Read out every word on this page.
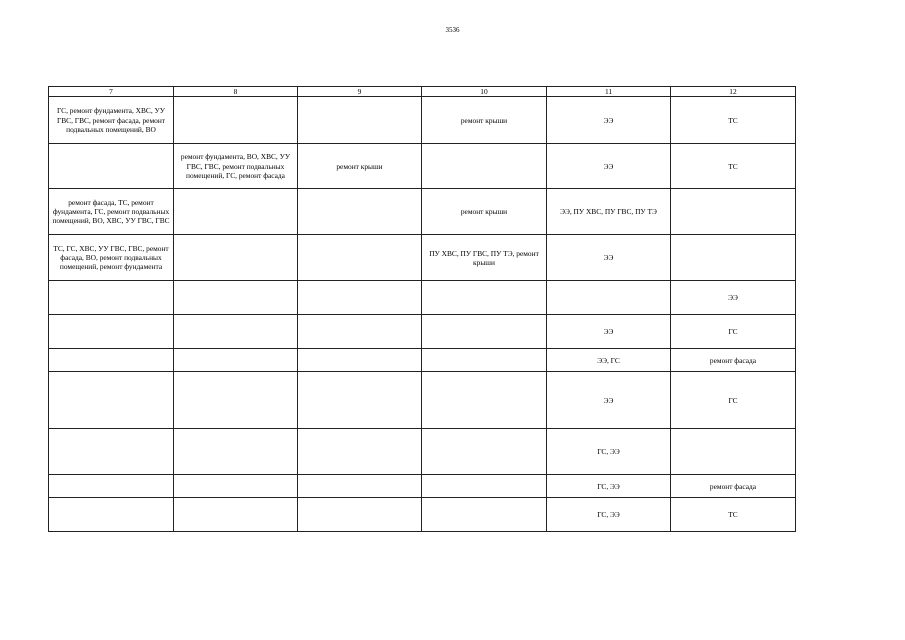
3536
7	8	9	10	11	12
ГС, ремонт фундамента, ХВС, УУ ГВС, ГВС, ремонт фасада, ремонт подвальных помещений, ВО			ремонт крыши	ЭЭ	ТС
	ремонт фундамента, ВО, ХВС, УУ ГВС, ГВС, ремонт подвальных помещений, ГС, ремонт фасада	ремонт крыши		ЭЭ	ТС
ремонт фасада, ТС, ремонт фундамента, ГС, ремонт подвальных помещений, ВО, ХВС, УУ ГВС, ГВС			ремонт крыши	ЭЭ, ПУ ХВС, ПУ ГВС, ПУ ТЭ	
ТС, ГС, ХВС, УУ ГВС, ГВС, ремонт фасада, ВО, ремонт подвальных помещений, ремонт фундамента			ПУ ХВС, ПУ ГВС, ПУ ТЭ, ремонт крыши	ЭЭ	
					ЭЭ
				ЭЭ	ГС
				ЭЭ, ГС	ремонт фасада
				ЭЭ	ГС
				ГС, ЭЭ	
				ГС, ЭЭ	ремонт фасада
				ГС, ЭЭ	ТС
